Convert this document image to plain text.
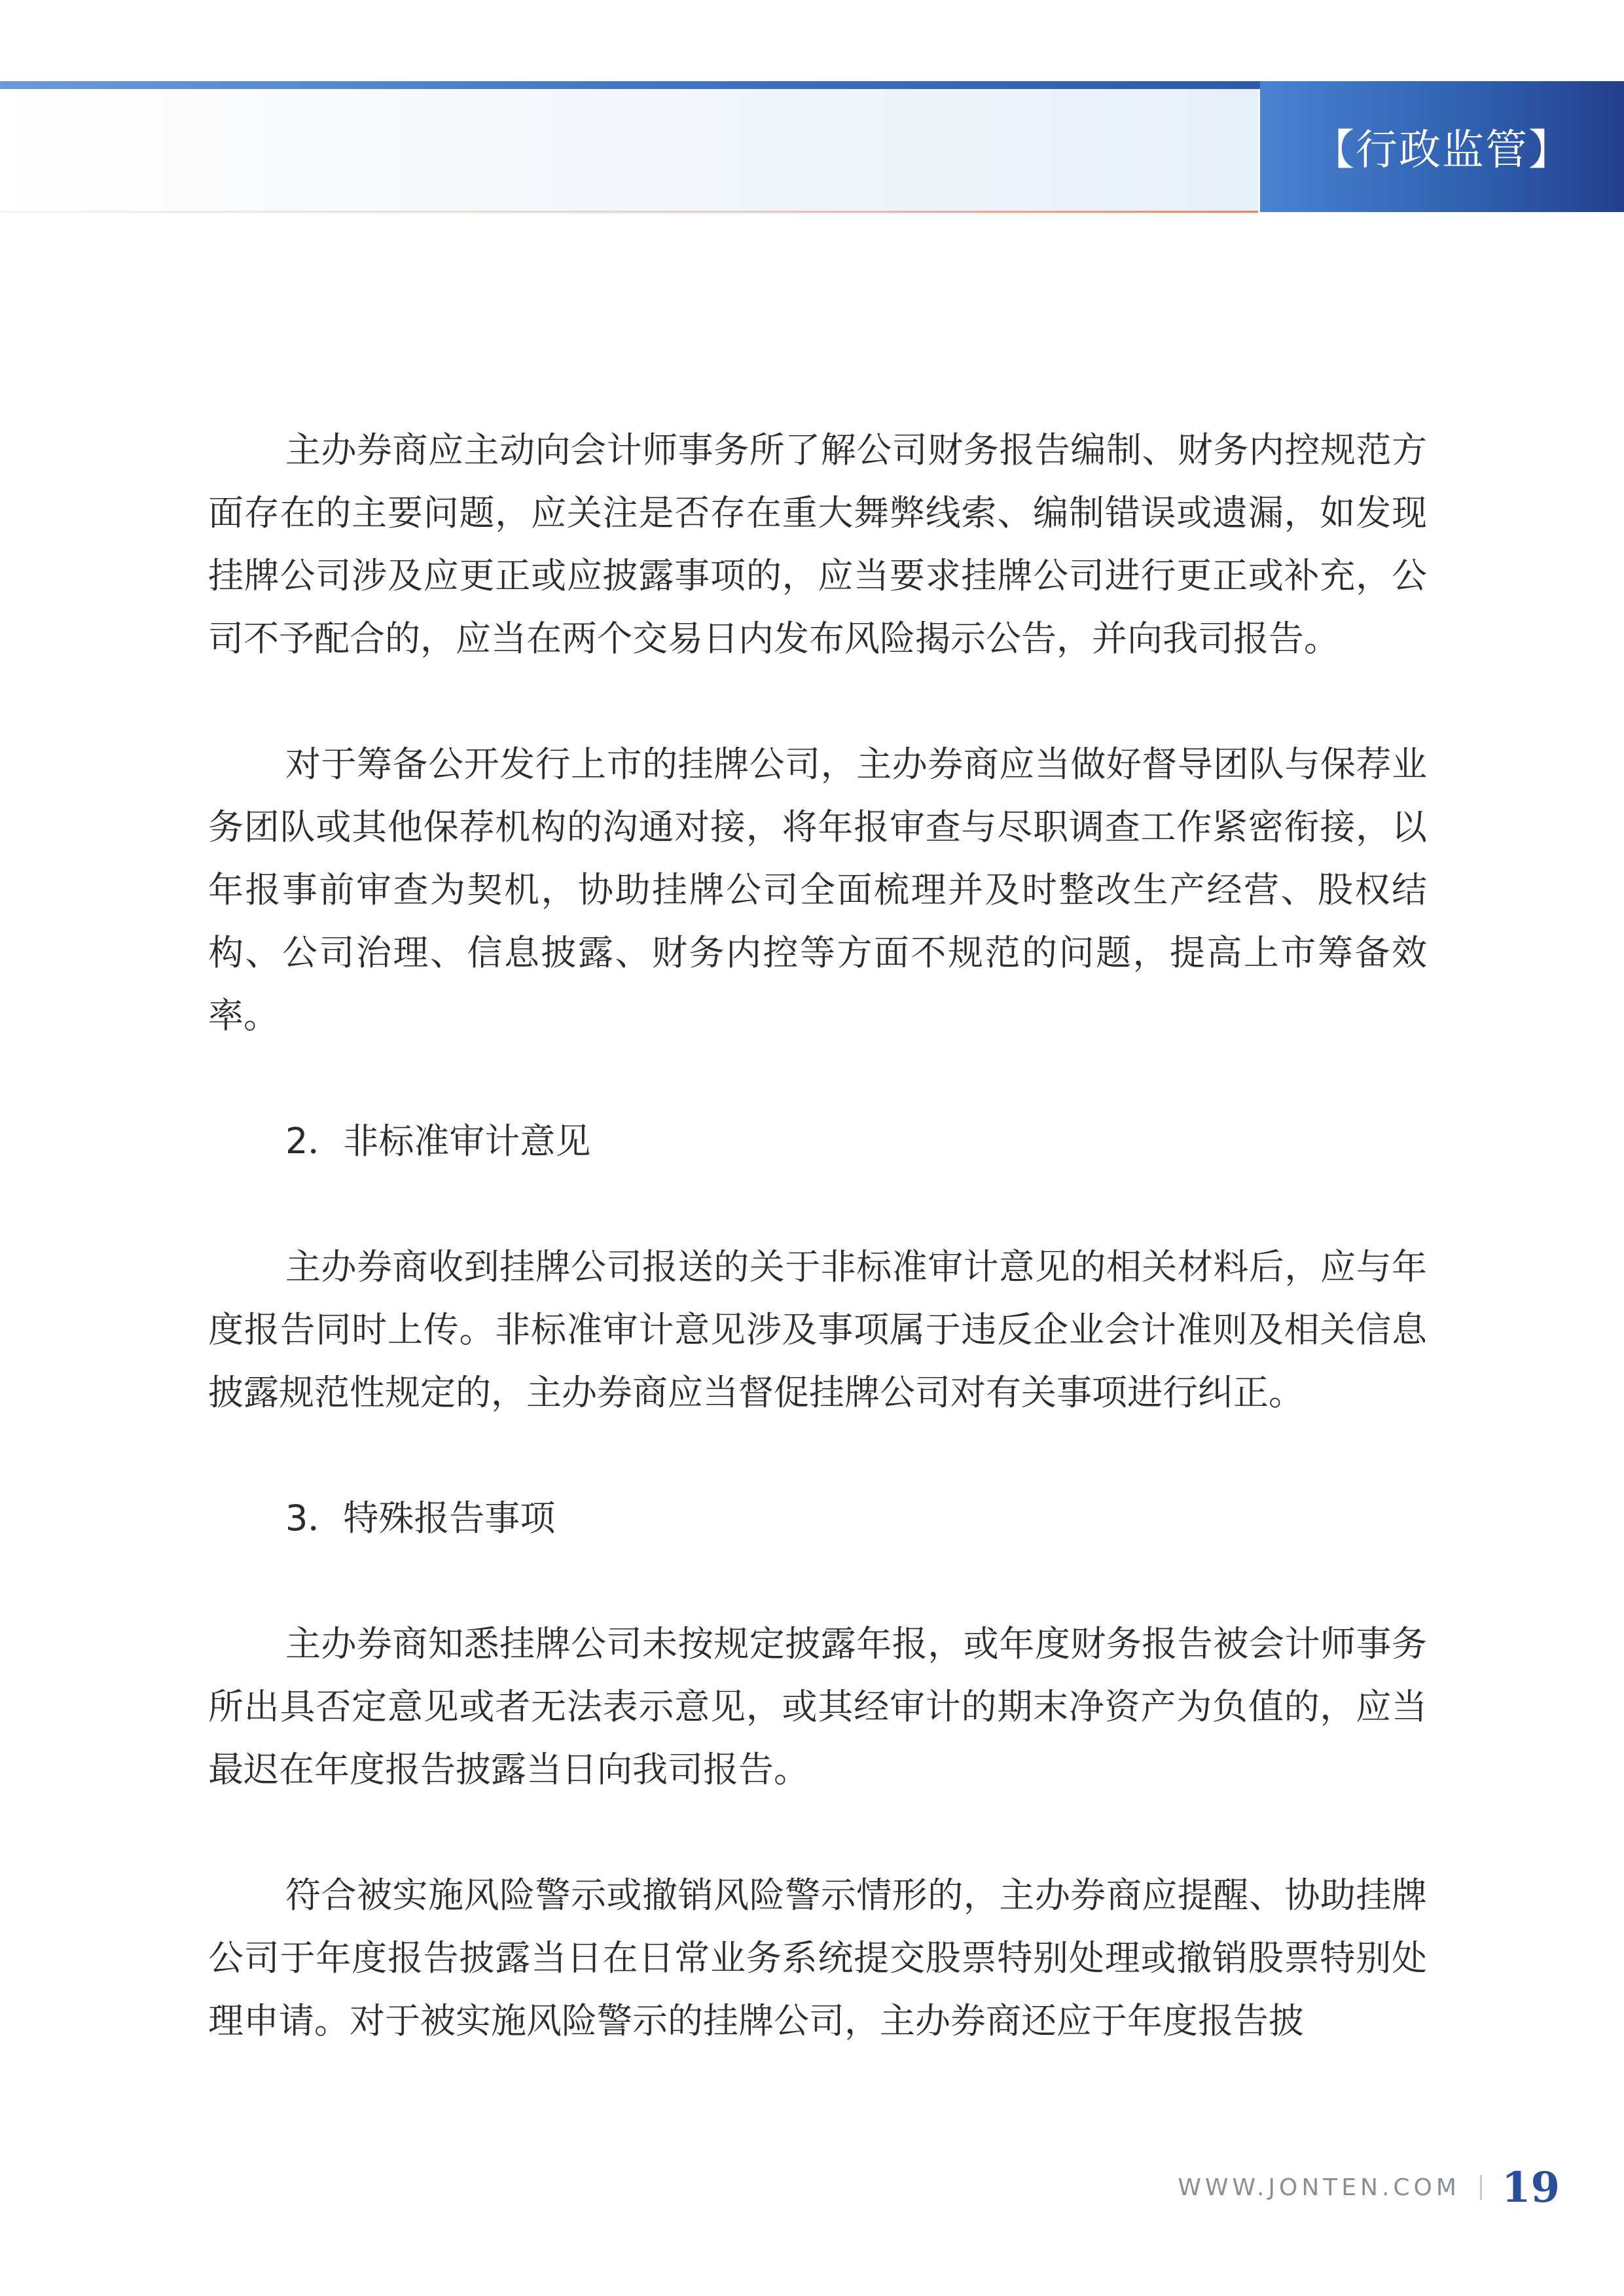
【行政监管】

主办券商应主动向会计师事务所了解公司财务报告编制、财务内控规范方面存在的主要问题，应关注是否存在重大舞弊线索、编制错误或遗漏，如发现挂牌公司涉及应更正或应披露事项的，应当要求挂牌公司进行更正或补充，公司不予配合的，应当在两个交易日内发布风险揭示公告，并向我司报告。

对于筹备公开发行上市的挂牌公司，主办券商应当做好督导团队与保荐业务团队或其他保荐机构的沟通对接，将年报审查与尽职调查工作紧密衔接，以年报事前审查为契机，协助挂牌公司全面梳理并及时整改生产经营、股权结构、公司治理、信息披露、财务内控等方面不规范的问题，提高上市筹备效率。

2．非标准审计意见

主办券商收到挂牌公司报送的关于非标准审计意见的相关材料后，应与年度报告同时上传。非标准审计意见涉及事项属于违反企业会计准则及相关信息披露规范性规定的，主办券商应当督促挂牌公司对有关事项进行纠正。

3．特殊报告事项

主办券商知悉挂牌公司未按规定披露年报，或年度财务报告被会计师事务所出具否定意见或者无法表示意见，或其经审计的期末净资产为负值的，应当最迟在年度报告披露当日向我司报告。

符合被实施风险警示或撤销风险警示情形的，主办券商应提醒、协助挂牌公司于年度报告披露当日在日常业务系统提交股票特别处理或撤销股票特别处理申请。对于被实施风险警示的挂牌公司，主办券商还应于年度报告披

WWW.JONTEN.COM 19
